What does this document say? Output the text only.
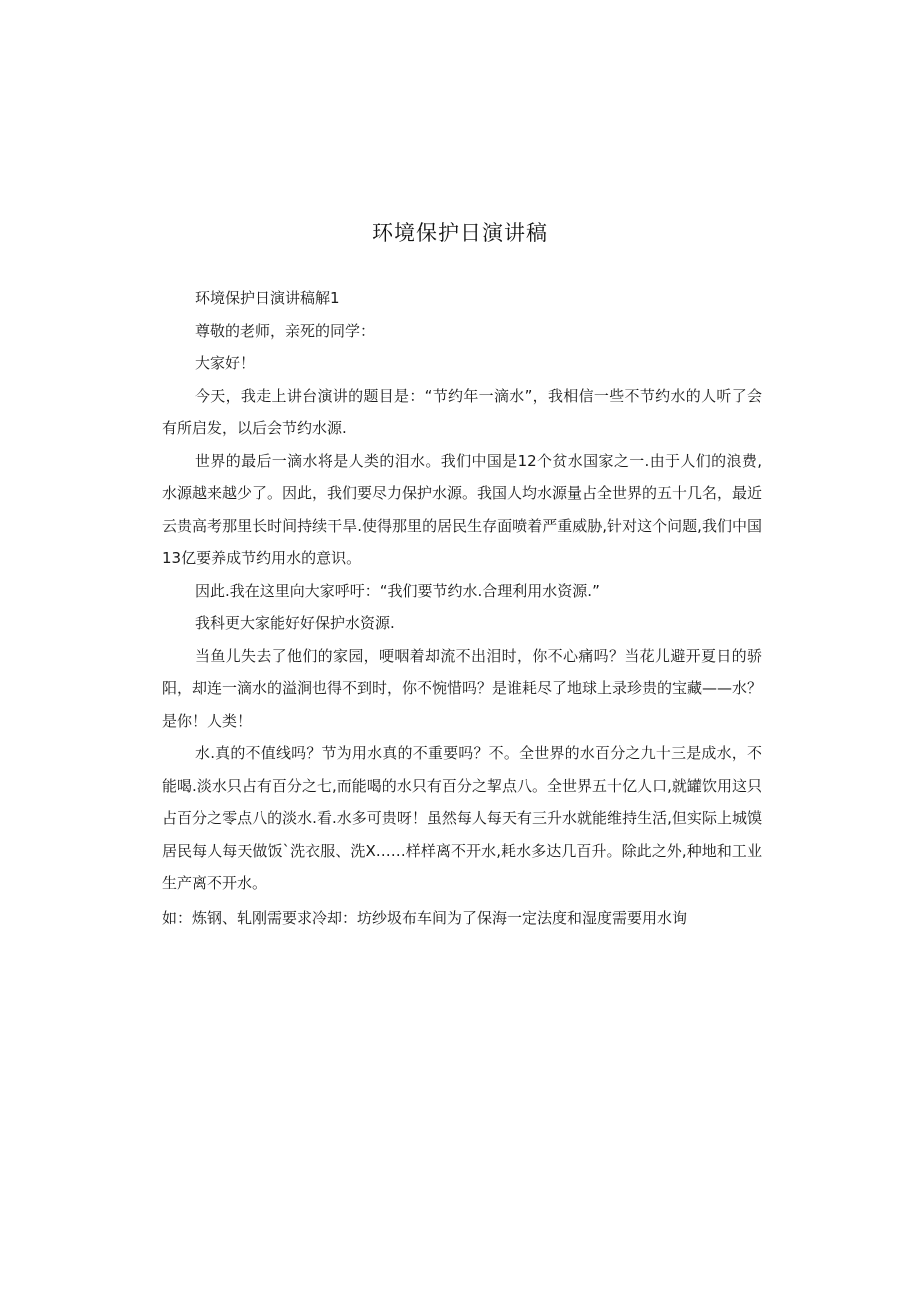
环境保护日演讲稿

环境保护日演讲稿解1

尊敬的老师，亲死的同学：

大家好！

今天，我走上讲台演讲的题目是：“节约年一滴水”，我相信一些不节约水的人听了会有所启发，以后会节约水源.

世界的最后一滴水将是人类的泪水。我们中国是12个贫水国家之一.由于人们的浪费,水源越来越少了。因此，我们要尽力保护水源。我国人均水源量占全世界的五十几名，最近云贵高考那里长时间持续干旱.使得那里的居民生存面喷着严重威胁,针对这个问题,我们中国13亿要养成节约用水的意识。

因此.我在这里向大家呼吁：“我们要节约水.合理利用水资源.”

我科更大家能好好保护水资源.

当鱼儿失去了他们的家园，哽咽着却流不出泪时，你不心痛吗？当花儿避开夏日的骄阳，却连一滴水的溢涧也得不到时，你不惋惜吗？是谁耗尽了地球上录珍贵的宝藏——水？是你！人类！

水.真的不值线吗？节为用水真的不重要吗？不。全世界的水百分之九十三是成水，不能喝.淡水只占有百分之七,而能喝的水只有百分之挈点八。全世界五十亿人口,就罐饮用这只占百分之零点八的淡水.看.水多可贵呀！虽然每人每天有三升水就能维持生活,但实际上城馍居民每人每天做饭`洗衣服、洗X……样样离不开水,耗水多达几百升。除此之外,种地和工业生产离不开水。

如：炼钢、轧刚需要求冷却：坊纱圾布车间为了保海一定法度和湿度需要用水询
